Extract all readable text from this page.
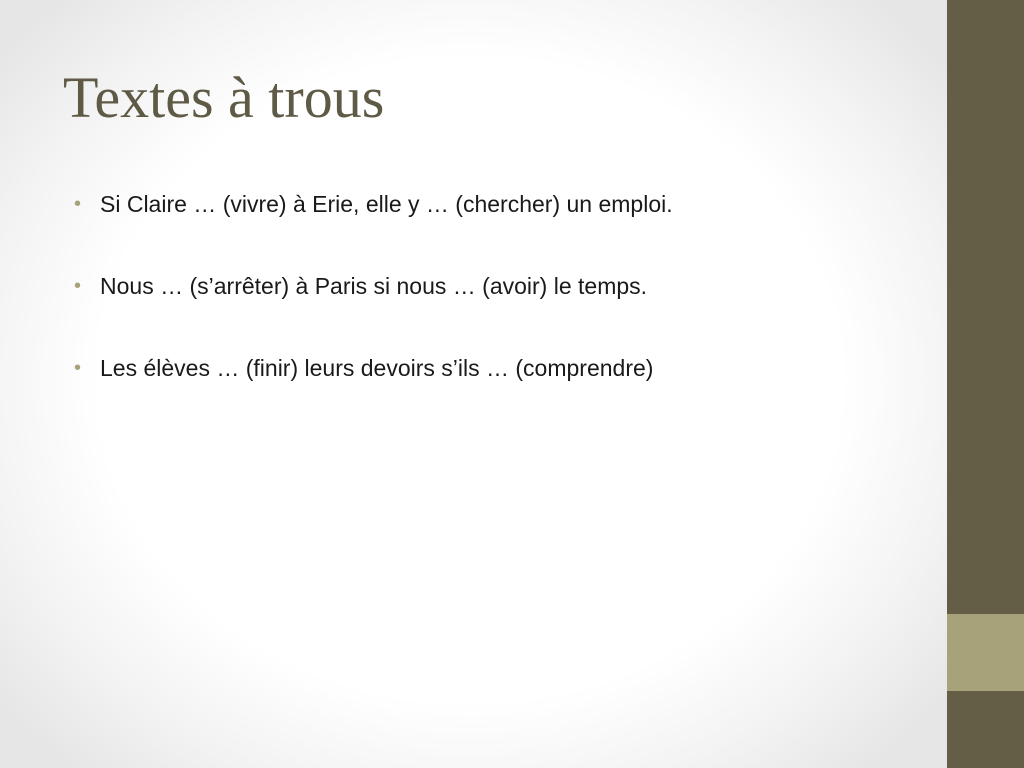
Textes à trous
• Si Claire … (vivre) à Erie, elle y … (chercher) un emploi.
• Nous … (s’arrêter) à Paris si nous … (avoir) le temps.
• Les élèves … (finir) leurs devoirs s’ils … (comprendre)
